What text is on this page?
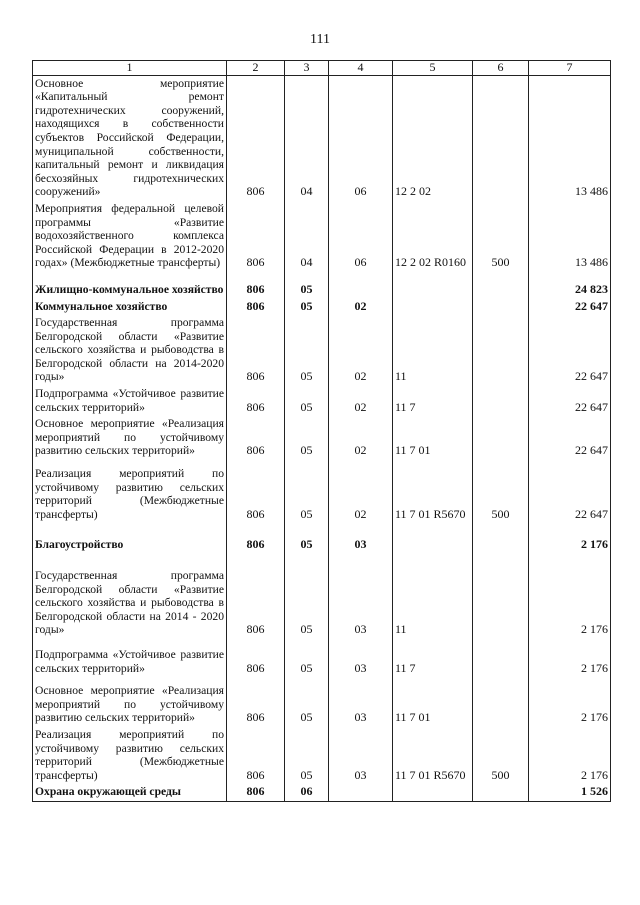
111
1	2	3	4	5	6	7
Основное мероприятие «Капитальный ремонт гидротехнических сооружений, находящихся в собственности субъектов Российской Федерации, муниципальной собственности, капитальный ремонт и ликвидация бесхозяйных гидротехнических сооружений»	806	04	06	12 2 02		13 486
Мероприятия федеральной целевой программы «Развитие водохозяйственного комплекса Российской Федерации в 2012-2020 годах» (Межбюджетные трансферты)	806	04	06	12 2 02 R0160	500	13 486
Жилищно-коммунальное хозяйство	806	05				24 823
Коммунальное хозяйство	806	05	02			22 647
Государственная программа Белгородской области «Развитие сельского хозяйства и рыбоводства в Белгородской области на 2014-2020 годы»	806	05	02	11		22 647
Подпрограмма «Устойчивое развитие сельских территорий»	806	05	02	11 7		22 647
Основное мероприятие «Реализация мероприятий по устойчивому развитию сельских территорий»	806	05	02	11 7 01		22 647
Реализация мероприятий по устойчивому развитию сельских территорий (Межбюджетные трансферты)	806	05	02	11 7 01 R5670	500	22 647
Благоустройство	806	05	03			2 176
Государственная программа Белгородской области «Развитие сельского хозяйства и рыбоводства в Белгородской области на 2014 - 2020 годы»	806	05	03	11		2 176
Подпрограмма «Устойчивое развитие сельских территорий»	806	05	03	11 7		2 176
Основное мероприятие «Реализация мероприятий по устойчивому развитию сельских территорий»	806	05	03	11 7 01		2 176
Реализация мероприятий по устойчивому развитию сельских территорий (Межбюджетные трансферты)	806	05	03	11 7 01 R5670	500	2 176
Охрана окружающей среды	806	06				1 526
